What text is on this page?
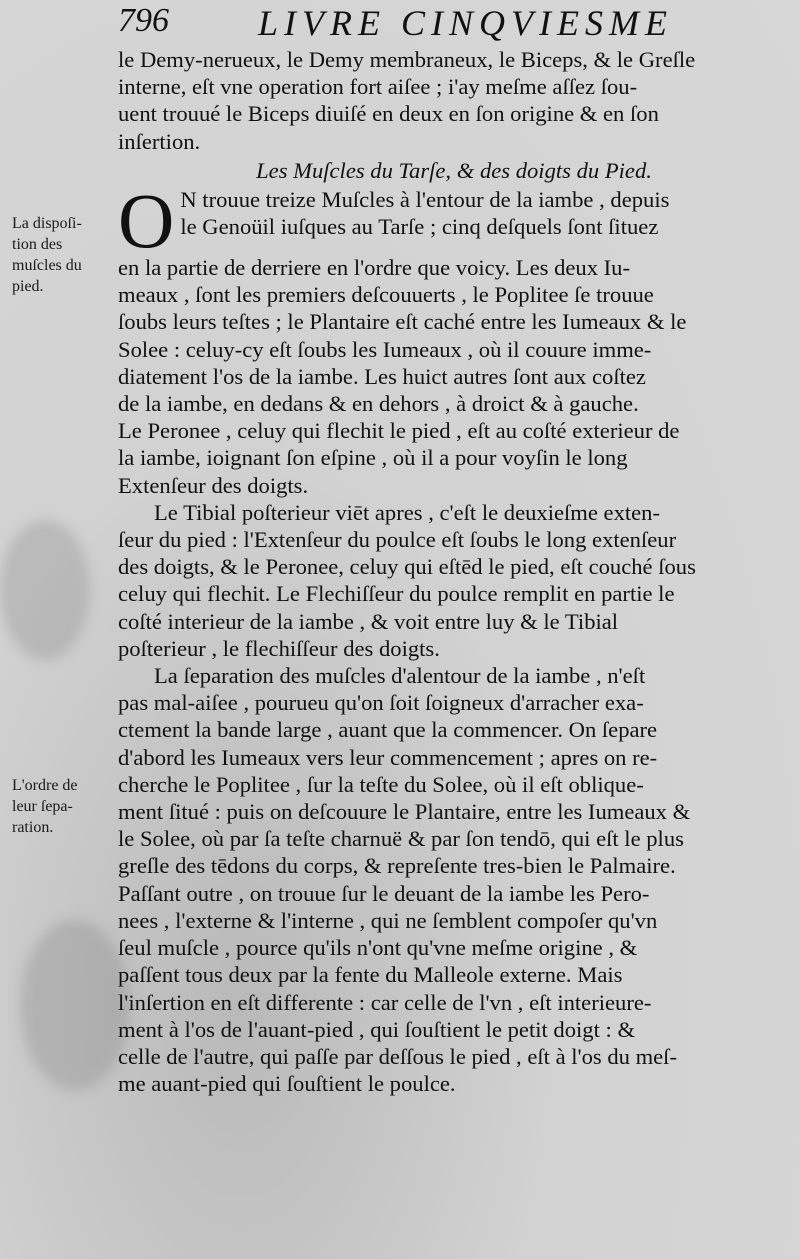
796 LIVRE CINQVIESME
La dispoſi-
tion des
muſcles du
pied.
L'ordre de
leur ſepa-
ration.

le Demy-nerueux, le Demy membraneux, le Biceps, & le Greſle
interne, eſt vne operation fort aiſee ; i'ay meſme aſſez ſou-
uent trouué le Biceps diuiſé en deux en ſon origine & en ſon
inſertion.

Les Muſcles du Tarſe, & des doigts du Pied.

O N trouue treize Muſcles à l'entour de la iambe , depuis
le Genoüil iuſques au Tarſe ; cinq deſquels ſont ſituez
en la partie de derriere en l'ordre que voicy. Les deux Iu-
meaux , ſont les premiers deſcouuerts , le Poplitee ſe trouue
ſoubs leurs teſtes ; le Plantaire eſt caché entre les Iumeaux & le
Solee : celuy-cy eſt ſoubs les Iumeaux , où il couure imme-
diatement l'os de la iambe. Les huict autres ſont aux coſtez
de la iambe, en dedans & en dehors , à droict & à gauche.
Le Peronee , celuy qui flechit le pied , eſt au coſté exterieur de
la iambe, ioignant ſon eſpine , où il a pour voyſin le long
Extenſeur des doigts.

Le Tibial poſterieur viēt apres , c'eſt le deuxieſme exten-
ſeur du pied : l'Extenſeur du poulce eſt ſoubs le long extenſeur
des doigts, & le Peronee, celuy qui eſtēd le pied, eſt couché ſous
celuy qui flechit. Le Flechiſſeur du poulce remplit en partie le
coſté interieur de la iambe , & voit entre luy & le Tibial
poſterieur , le flechiſſeur des doigts.

La ſeparation des muſcles d'alentour de la iambe , n'eſt
pas mal-aiſee , pourueu qu'on ſoit ſoigneux d'arracher exa-
ctement la bande large , auant que la commencer. On ſepare
d'abord les Iumeaux vers leur commencement ; apres on re-
cherche le Poplitee , ſur la teſte du Solee, où il eſt oblique-
ment ſitué : puis on deſcouure le Plantaire, entre les Iumeaux &
le Solee, où par ſa teſte charnuë & par ſon tendō, qui eſt le plus
greſle des tēdons du corps, & repreſente tres-bien le Palmaire.
Paſſant outre , on trouue ſur le deuant de la iambe les Pero-
nees , l'externe & l'interne , qui ne ſemblent compoſer qu'vn
ſeul muſcle , pource qu'ils n'ont qu'vne meſme origine , &
paſſent tous deux par la fente du Malleole externe. Mais
l'inſertion en eſt differente : car celle de l'vn , eſt interieure-
ment à l'os de l'auant-pied , qui ſouſtient le petit doigt : &
celle de l'autre, qui paſſe par deſſous le pied , eſt à l'os du meſ-
me auant-pied qui ſouſtient le poulce.
